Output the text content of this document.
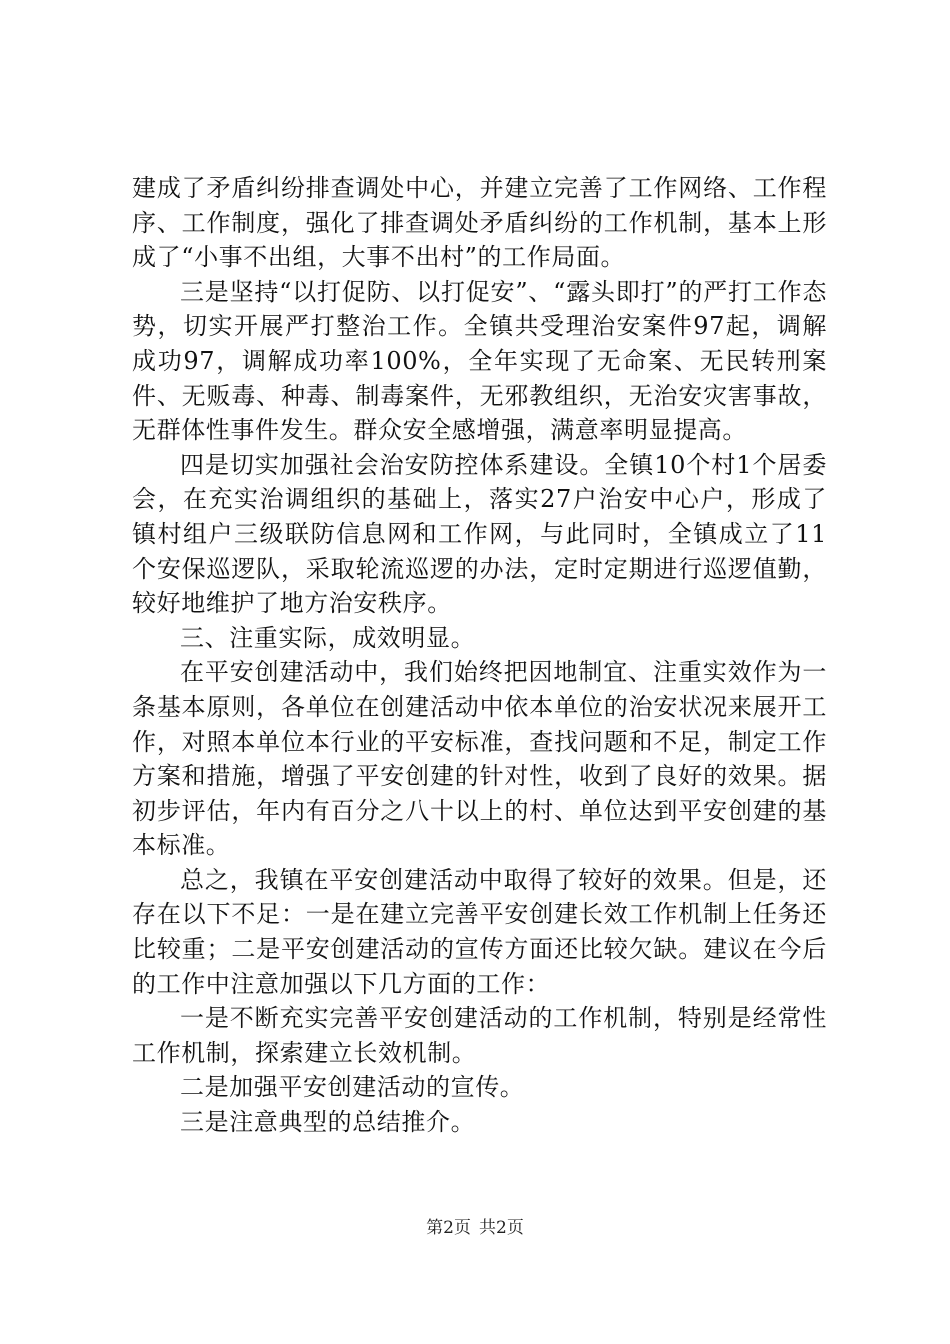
建成了矛盾纠纷排查调处中心，并建立完善了工作网络、工作程序、工作制度，强化了排查调处矛盾纠纷的工作机制，基本上形成了“小事不出组，大事不出村”的工作局面。

三是坚持“以打促防、以打促安”、“露头即打”的严打工作态势，切实开展严打整治工作。全镇共受理治安案件97起，调解成功97，调解成功率100%，全年实现了无命案、无民转刑案件、无贩毒、种毒、制毒案件，无邪教组织，无治安灾害事故，无群体性事件发生。群众安全感增强，满意率明显提高。

四是切实加强社会治安防控体系建设。全镇10个村1个居委会，在充实治调组织的基础上，落实27户治安中心户，形成了镇村组户三级联防信息网和工作网，与此同时，全镇成立了11个安保巡逻队，采取轮流巡逻的办法，定时定期进行巡逻值勤，较好地维护了地方治安秩序。

三、注重实际，成效明显。

在平安创建活动中，我们始终把因地制宜、注重实效作为一条基本原则，各单位在创建活动中依本单位的治安状况来展开工作，对照本单位本行业的平安标准，查找问题和不足，制定工作方案和措施，增强了平安创建的针对性，收到了良好的效果。据初步评估，年内有百分之八十以上的村、单位达到平安创建的基本标准。

总之，我镇在平安创建活动中取得了较好的效果。但是，还存在以下不足：一是在建立完善平安创建长效工作机制上任务还比较重；二是平安创建活动的宣传方面还比较欠缺。建议在今后的工作中注意加强以下几方面的工作：

一是不断充实完善平安创建活动的工作机制，特别是经常性工作机制，探索建立长效机制。

二是加强平安创建活动的宣传。

三是注意典型的总结推介。

第2页 共2页
